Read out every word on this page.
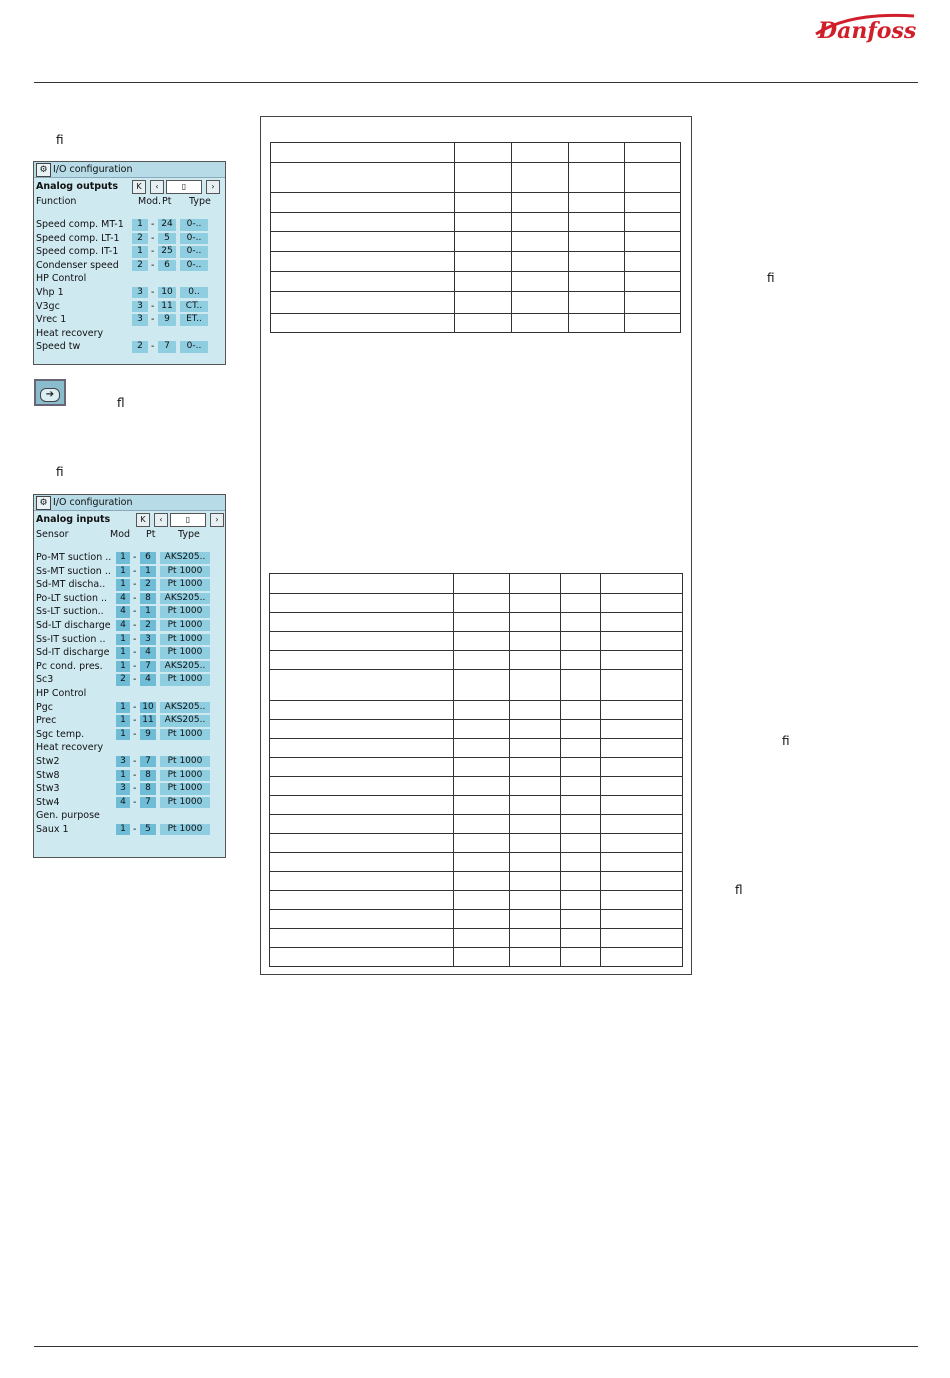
Danfoss
ﬁ
ﬂ
ﬁ
ﬁ
ﬁ
ﬂ
⚙ I/O configuration
Analog outputs	K	‹	▯	›
Function	Mod. Pt Type
Speed comp. MT-1	1 - 24	0-..
Speed comp. LT-1	2 -	5	0-..
Speed comp. IT-1	1 - 25	0-..
Condenser speed	2 -	6	0-..
HP Control
Vhp 1	3 - 10	0..
V3gc	3 - 11	CT..
Vrec 1	3 -	9	ET..
Heat recovery
Speed tw	2 -	7	0-..
➔
⚙ I/O configuration
Analog inputs	K	‹	▯	›
Sensor	Mod Pt Type
Po-MT suction .. 1 - 6	AKS205..
Ss-MT suction ..	1 - 1	Pt 1000
Sd-MT discha..	1 - 2	Pt 1000
Po-LT suction ..	4 - 8	AKS205..
Ss-LT suction..	4 - 1	Pt 1000
Sd-LT discharge	4 - 2	Pt 1000
Ss-IT suction ..	1 - 3	Pt 1000
Sd-IT discharge	1 - 4	Pt 1000
Pc cond. pres.	1 - 7	AKS205..
Sc3	2 - 4	Pt 1000
HP Control
Pgc	1 - 10	AKS205..
Prec	1 - 11	AKS205..
Sgc temp.	1 - 9	Pt 1000
Heat recovery
Stw2	3 - 7	Pt 1000
Stw8	1 - 8	Pt 1000
Stw3	3 - 8	Pt 1000
Stw4	4 - 7	Pt 1000
Gen. purpose
Saux 1	1 - 5	Pt 1000
